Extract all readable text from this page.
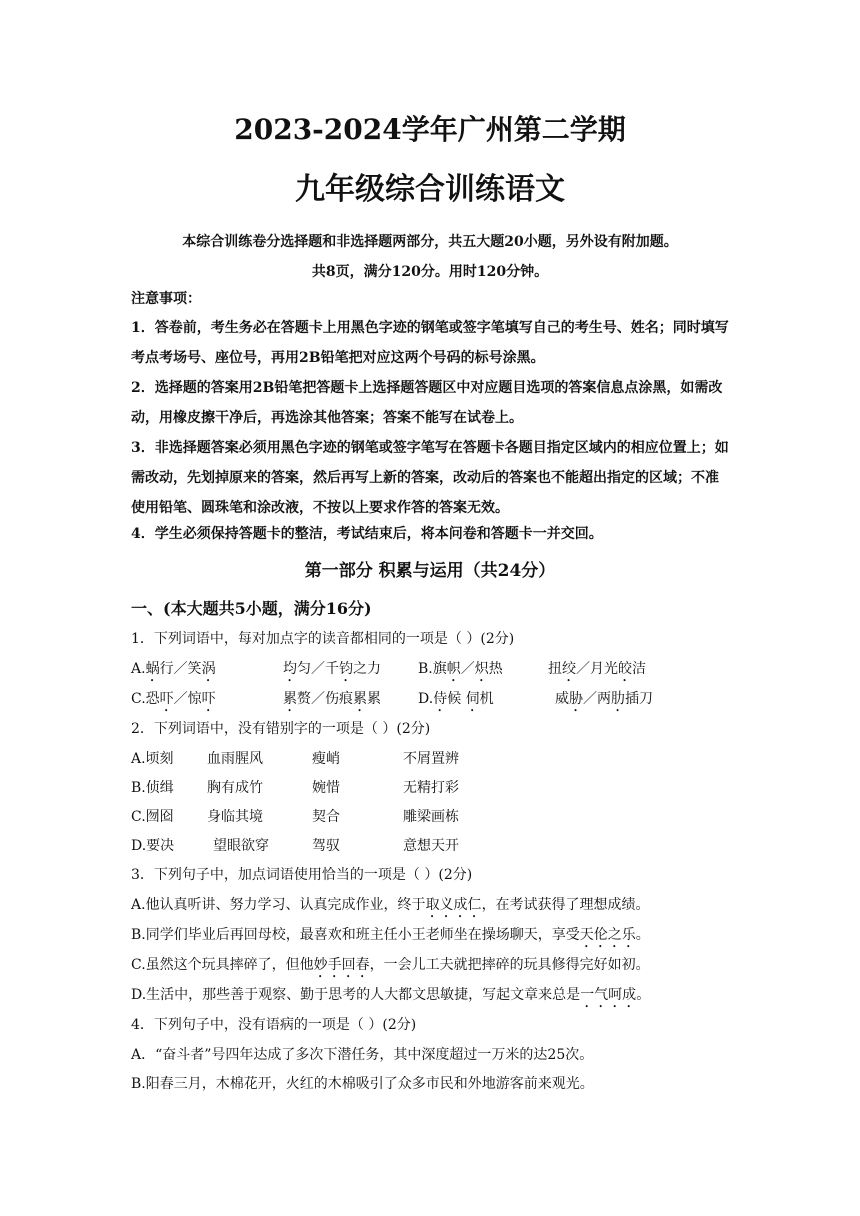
2023-2024学年广州第二学期
九年级综合训练语文
本综合训练卷分选择题和非选择题两部分，共五大题20小题，另外设有附加题。
共8页，满分120分。用时120分钟。
注意事项：

1．答卷前，考生务必在答题卡上用黑色字迹的钢笔或签字笔填写自己的考生号、姓名；同时填写考点考场号、座位号，再用2B铅笔把对应这两个号码的标号涂黑。

2．选择题的答案用2B铅笔把答题卡上选择题答题区中对应题目选项的答案信息点涂黑，如需改动，用橡皮擦干净后，再选涂其他答案；答案不能写在试卷上。

3．非选择题答案必须用黑色字迹的钢笔或签字笔写在答题卡各题目指定区域内的相应位置上；如需改动，先划掉原来的答案，然后再写上新的答案，改动后的答案也不能超出指定的区域；不准使用铅笔、圆珠笔和涂改液，不按以上要求作答的答案无效。

4．学生必须保持答题卡的整洁，考试结束后，将本问卷和答题卡一并交回。

第一部分 积累与运用（共24分）
一、(本大题共5小题，满分16分)
1．下列词语中，每对加点字的读音都相同的一项是（ ）(2分)
A.蜗行／笑涡	均匀／千钧之力	B.旗帜／炽热	扭绞／月光皎洁
C.恐吓／惊吓	累赘／伤痕累累	D.侍候 伺机	威胁／两肋插刀
2．下列词语中，没有错别字的一项是（ ）(2分)
A.顷刻 血雨腥风	瘦峭	不屑置辨
B.侦缉 胸有成竹	婉惜	无精打彩
C.囫囵 身临其境	契合	雕梁画栋
D.要决	望眼欲穿	驾驭	意想天开
3．下列句子中，加点词语使用恰当的一项是（ ）(2分)
A.他认真听讲、努力学习、认真完成作业，终于取义成仁，在考试获得了理想成绩。
B.同学们毕业后再回母校，最喜欢和班主任小王老师坐在操场聊天，享受天伦之乐。
C.虽然这个玩具摔碎了，但他妙手回春，一会儿工夫就把摔碎的玩具修得完好如初。
D.生活中，那些善于观察、勤于思考的人大都文思敏捷，写起文章来总是一气呵成。
4．下列句子中，没有语病的一项是（ ）(2分)
A．“奋斗者”号四年达成了多次下潜任务，其中深度超过一万米的达25次。
B.阳春三月，木棉花开，火红的木棉吸引了众多市民和外地游客前来观光。
